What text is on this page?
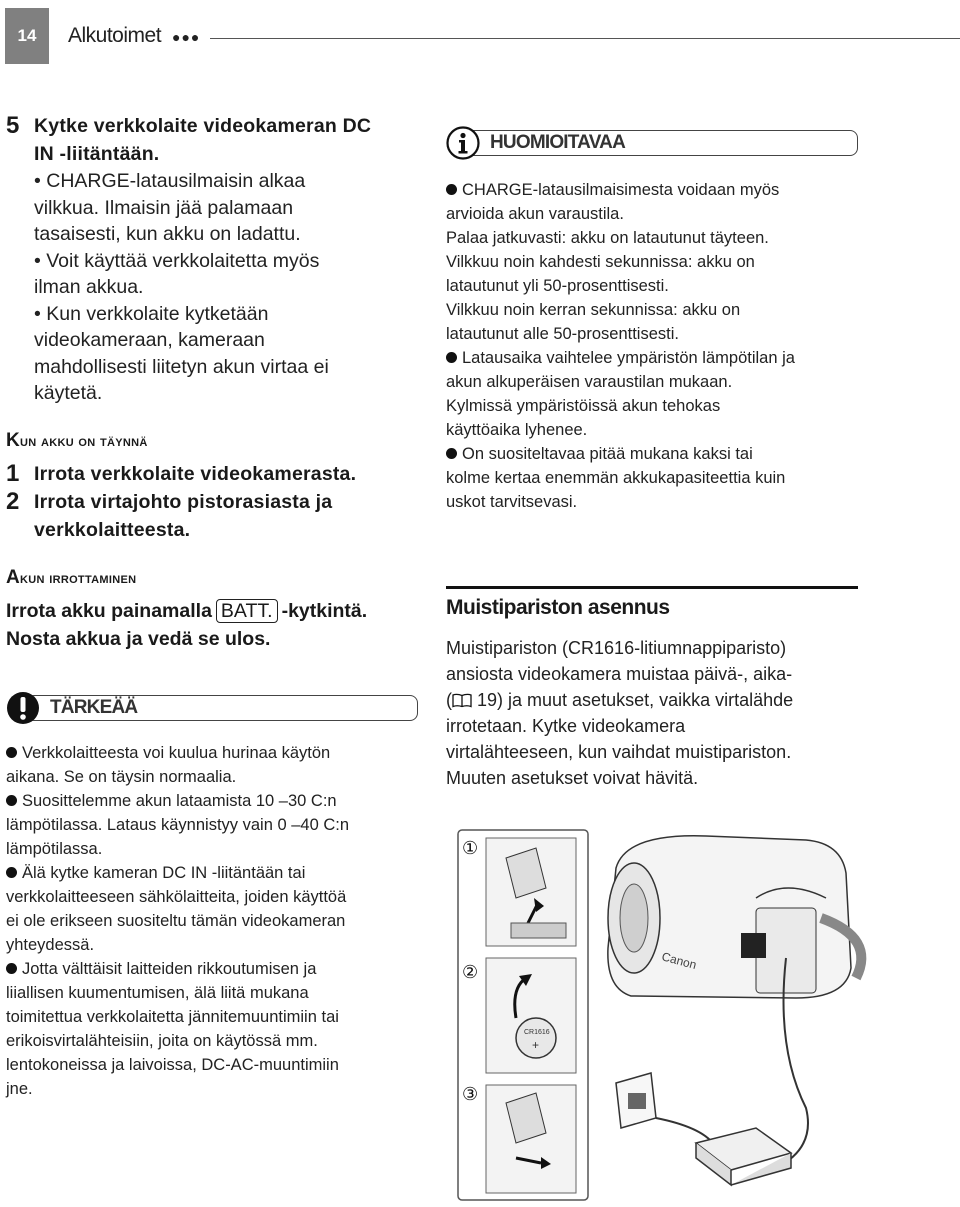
14	Alkutoimet ●●●
5 Kytke verkkolaite videokameran DC
IN -liitäntään.
• CHARGE-latausilmaisin alkaa
vilkkua. Ilmaisin jää palamaan
tasaisesti, kun akku on ladattu.
• Voit käyttää verkkolaitetta myös
ilman akkua.
• Kun verkkolaite kytketään
videokameraan, kameraan
mahdollisesti liitetyn akun virtaa ei
käytetä.
Kun akku on täynnä
1 Irrota verkkolaite videokamerasta.
2 Irrota virtajohto pistorasiasta ja
verkkolaitteesta.
Akun irrottaminen
Irrota akku painamalla BATT. -kytkintä.
Nosta akkua ja vedä se ulos.
TÄRKEÄÄ
Verkkolaitteesta voi kuulua hurinaa käytön
aikana. Se on täysin normaalia.
Suosittelemme akun lataamista 10 –30 C:n
lämpötilassa. Lataus käynnistyy vain 0 –40 C:n
lämpötilassa.
Älä kytke kameran DC IN -liitäntään tai
verkkolaitteeseen sähkölaitteita, joiden käyttöä
ei ole erikseen suositeltu tämän videokameran
yhteydessä.
Jotta välttäisit laitteiden rikkoutumisen ja
liiallisen kuumentumisen, älä liitä mukana
toimitettua verkkolaitetta jännitemuuntimiin tai
erikoisvirtalähteisiin, joita on käytössä mm.
lentokoneissa ja laivoissa, DC-AC-muuntimiin
jne.
HUOMIOITAVAA
CHARGE-latausilmaisimesta voidaan myös
arvioida akun varaustila.
Palaa jatkuvasti: akku on latautunut täyteen.
Vilkkuu noin kahdesti sekunnissa: akku on
latautunut yli 50-prosenttisesti.
Vilkkuu noin kerran sekunnissa: akku on
latautunut alle 50-prosenttisesti.
Latausaika vaihtelee ympäristön lämpötilan ja
akun alkuperäisen varaustilan mukaan.
Kylmissä ympäristöissä akun tehokas
käyttöaika lyhenee.
On suositeltavaa pitää mukana kaksi tai
kolme kertaa enemmän akkukapasiteettia kuin
uskot tarvitsevasi.
Muistipariston asennus
Muistipariston (CR1616-litiumnappiparisto)
ansiosta videokamera muistaa päivä-, aika-
( 19) ja muut asetukset, vaikka virtalähde
irrotetaan. Kytke videokamera
virtalähteeseen, kun vaihdat muistipariston.
Muuten asetukset voivat hävitä.
CR1616
+
①
②
③
Canon
